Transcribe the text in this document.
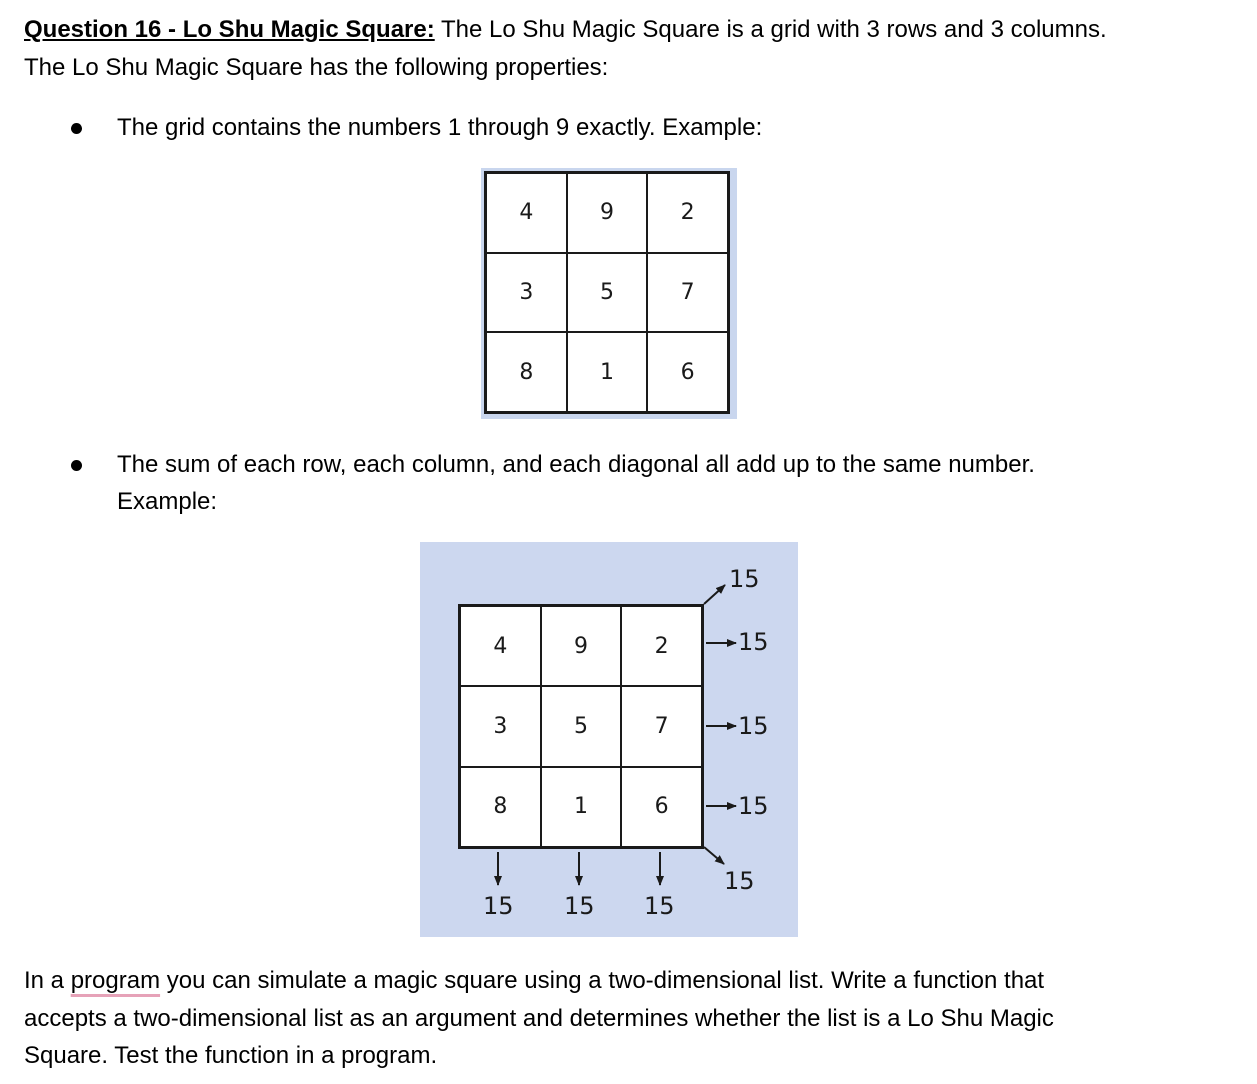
Question 16 - Lo Shu Magic Square: The Lo Shu Magic Square is a grid with 3 rows and 3 columns.
The Lo Shu Magic Square has the following properties:
The grid contains the numbers 1 through 9 exactly. Example:
4	9	2
3	5	7
8	1	6
The sum of each row, each column, and each diagonal all add up to the same number.
Example:
4	9	2
3	5	7
8	1	6
15
15
15
15
15
15 15 15
In a program you can simulate a magic square using a two-dimensional list. Write a function that
accepts a two-dimensional list as an argument and determines whether the list is a Lo Shu Magic
Square. Test the function in a program.
